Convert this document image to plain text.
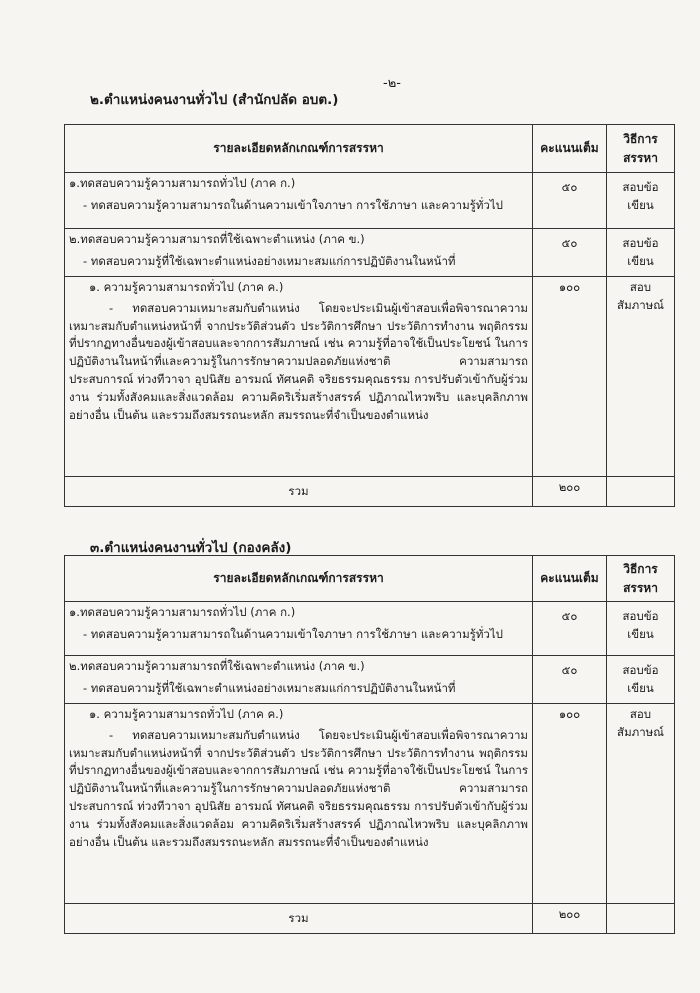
-๒-
๒.ตำแหน่งคนงานทั่วไป (สำนักปลัด อบต.)
รายละเอียดหลักเกณฑ์การสรรหา	คะแนนเต็ม	วิธีการสรรหา

๑.ทดสอบความรู้ความสามารถทั่วไป (ภาค ก.)
- ทดสอบความรู้ความสามารถในด้านความเข้าใจภาษา การใช้ภาษา และความรู้ทั่วไป	๕๐	สอบข้อเขียน

๒.ทดสอบความรู้ความสามารถที่ใช้เฉพาะตำแหน่ง (ภาค ข.)
- ทดสอบความรู้ที่ใช้เฉพาะตำแหน่งอย่างเหมาะสมแก่การปฏิบัติงานในหน้าที่	๕๐	สอบข้อเขียน

๑. ความรู้ความสามารถทั่วไป (ภาค ค.)
- ทดสอบความเหมาะสมกับตำแหน่ง โดยจะประเมินผู้เข้าสอบเพื่อพิจารณาความเหมาะสมกับตำแหน่งหน้าที่ จากประวัติส่วนตัว ประวัติการศึกษา ประวัติการทำงาน พฤติกรรมที่ปรากฏทางอื่นของผู้เข้าสอบและจากการสัมภาษณ์ เช่น ความรู้ที่อาจใช้เป็นประโยชน์ ในการปฏิบัติงานในหน้าที่และความรู้ในการรักษาความปลอดภัยแห่งชาติ ความสามารถ ประสบการณ์ ท่วงทีวาจา อุปนิสัย อารมณ์ ทัศนคติ จริยธรรมคุณธรรม การปรับตัวเข้ากับผู้ร่วมงาน ร่วมทั้งสังคมและสิ่งแวดล้อม ความคิดริเริ่มสร้างสรรค์ ปฏิภาณไหวพริบ และบุคลิกภาพอย่างอื่น เป็นต้น และรวมถึงสมรรถนะหลัก สมรรถนะที่จำเป็นของตำแหน่ง	๑๐๐	สอบสัมภาษณ์

รวม	๒๐๐	
๓.ตำแหน่งคนงานทั่วไป (กองคลัง)
รายละเอียดหลักเกณฑ์การสรรหา	คะแนนเต็ม	วิธีการสรรหา

๑.ทดสอบความรู้ความสามารถทั่วไป (ภาค ก.)
- ทดสอบความรู้ความสามารถในด้านความเข้าใจภาษา การใช้ภาษา และความรู้ทั่วไป	๕๐	สอบข้อเขียน

๒.ทดสอบความรู้ความสามารถที่ใช้เฉพาะตำแหน่ง (ภาค ข.)
- ทดสอบความรู้ที่ใช้เฉพาะตำแหน่งอย่างเหมาะสมแก่การปฏิบัติงานในหน้าที่	๕๐	สอบข้อเขียน

๑. ความรู้ความสามารถทั่วไป (ภาค ค.)
- ทดสอบความเหมาะสมกับตำแหน่ง โดยจะประเมินผู้เข้าสอบเพื่อพิจารณาความเหมาะสมกับตำแหน่งหน้าที่ จากประวัติส่วนตัว ประวัติการศึกษา ประวัติการทำงาน พฤติกรรมที่ปรากฏทางอื่นของผู้เข้าสอบและจากการสัมภาษณ์ เช่น ความรู้ที่อาจใช้เป็นประโยชน์ ในการปฏิบัติงานในหน้าที่และความรู้ในการรักษาความปลอดภัยแห่งชาติ ความสามารถ ประสบการณ์ ท่วงทีวาจา อุปนิสัย อารมณ์ ทัศนคติ จริยธรรมคุณธรรม การปรับตัวเข้ากับผู้ร่วมงาน ร่วมทั้งสังคมและสิ่งแวดล้อม ความคิดริเริ่มสร้างสรรค์ ปฏิภาณไหวพริบ และบุคลิกภาพอย่างอื่น เป็นต้น และรวมถึงสมรรถนะหลัก สมรรถนะที่จำเป็นของตำแหน่ง	๑๐๐	สอบสัมภาษณ์

รวม	๒๐๐	
